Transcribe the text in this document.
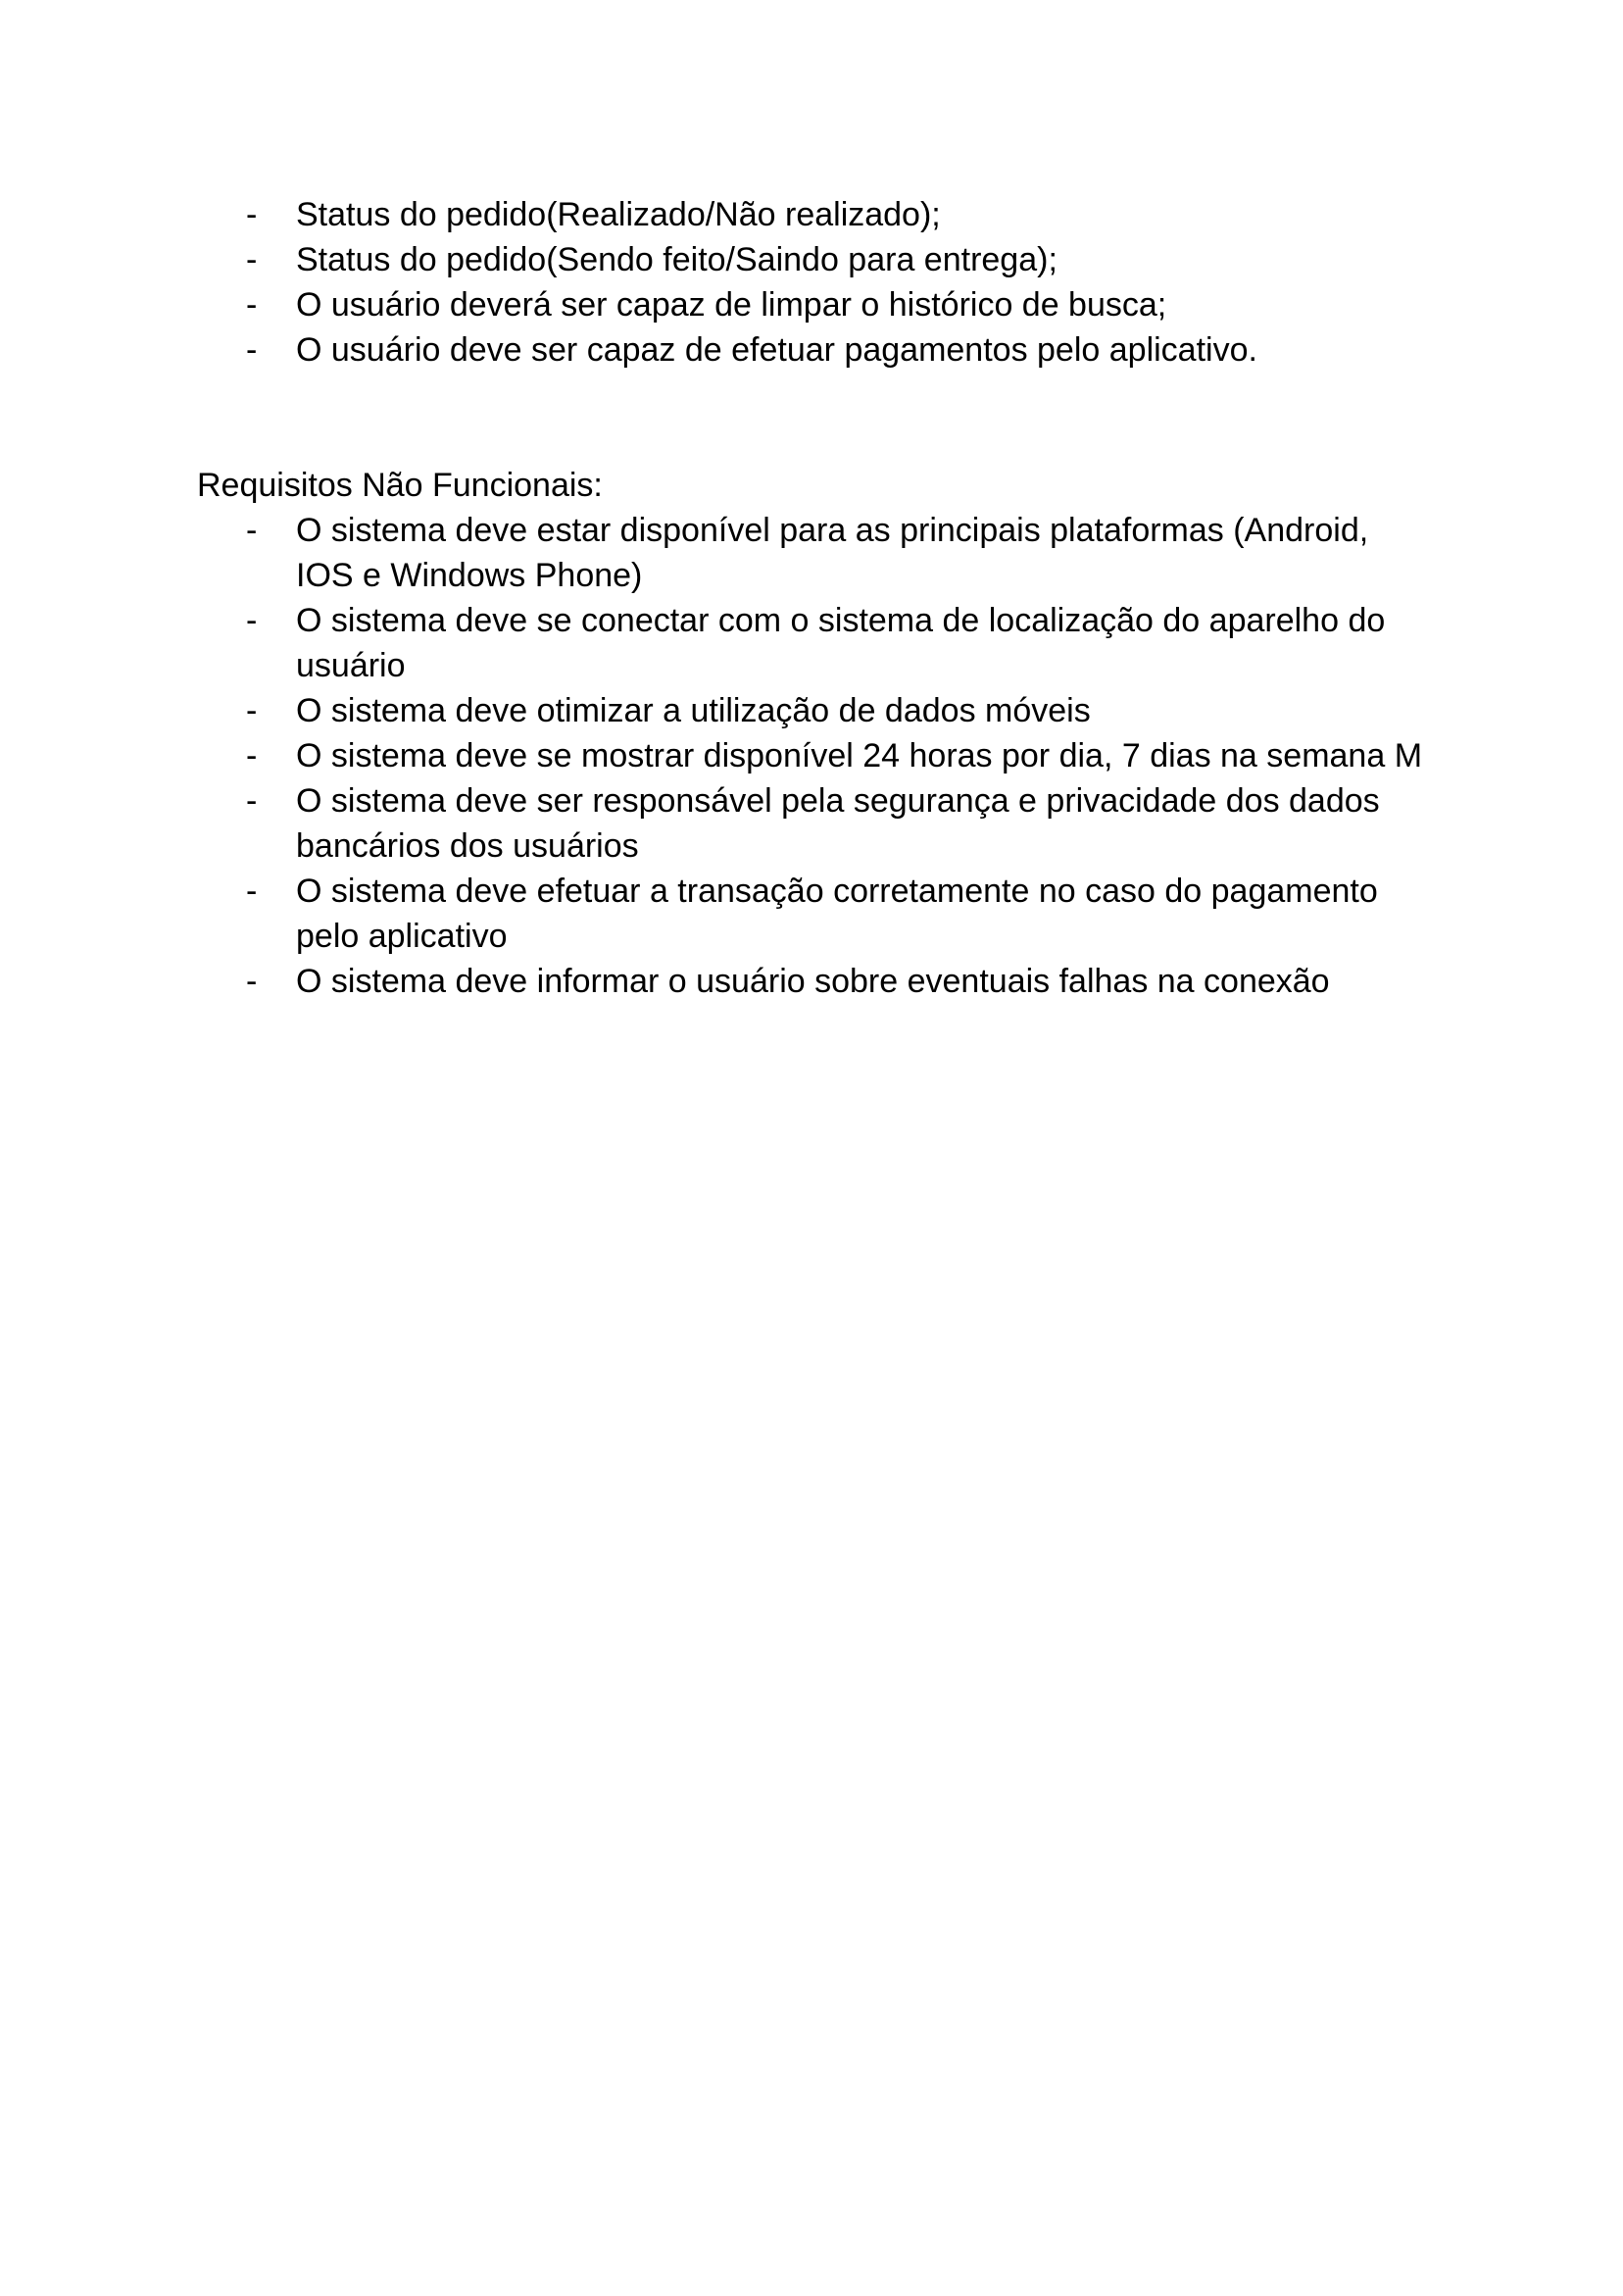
- Status do pedido(Realizado/Não realizado);
- Status do pedido(Sendo feito/Saindo para entrega);
- O usuário deverá ser capaz de limpar o histórico de busca;
- O usuário deve ser capaz de efetuar pagamentos pelo aplicativo.

Requisitos Não Funcionais:

- O sistema deve estar disponível para as principais plataformas (Android, IOS e Windows Phone)
- O sistema deve se conectar com o sistema de localização do aparelho do usuário
- O sistema deve otimizar a utilização de dados móveis
- O sistema deve se mostrar disponível 24 horas por dia, 7 dias na semana M
- O sistema deve ser responsável pela segurança e privacidade dos dados bancários dos usuários
- O sistema deve efetuar a transação corretamente no caso do pagamento pelo aplicativo
- O sistema deve informar o usuário sobre eventuais falhas na conexão
